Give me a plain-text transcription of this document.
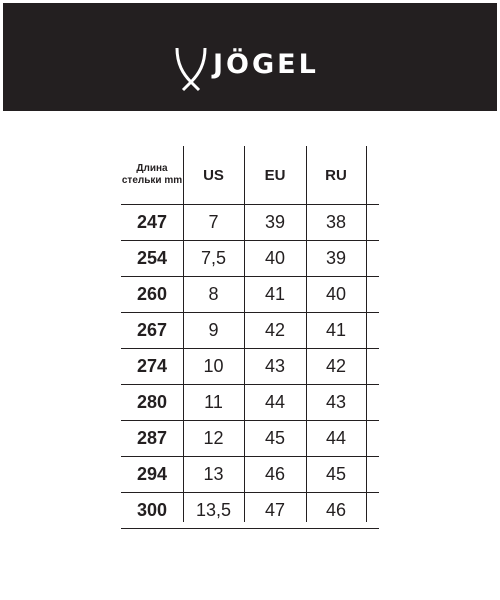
JÖGEL
Длина стельки mm	US	EU	RU
247	7	39	38
254	7,5	40	39
260	8	41	40
267	9	42	41
274	10	43	42
280	11	44	43
287	12	45	44
294	13	46	45
300	13,5	47	46
